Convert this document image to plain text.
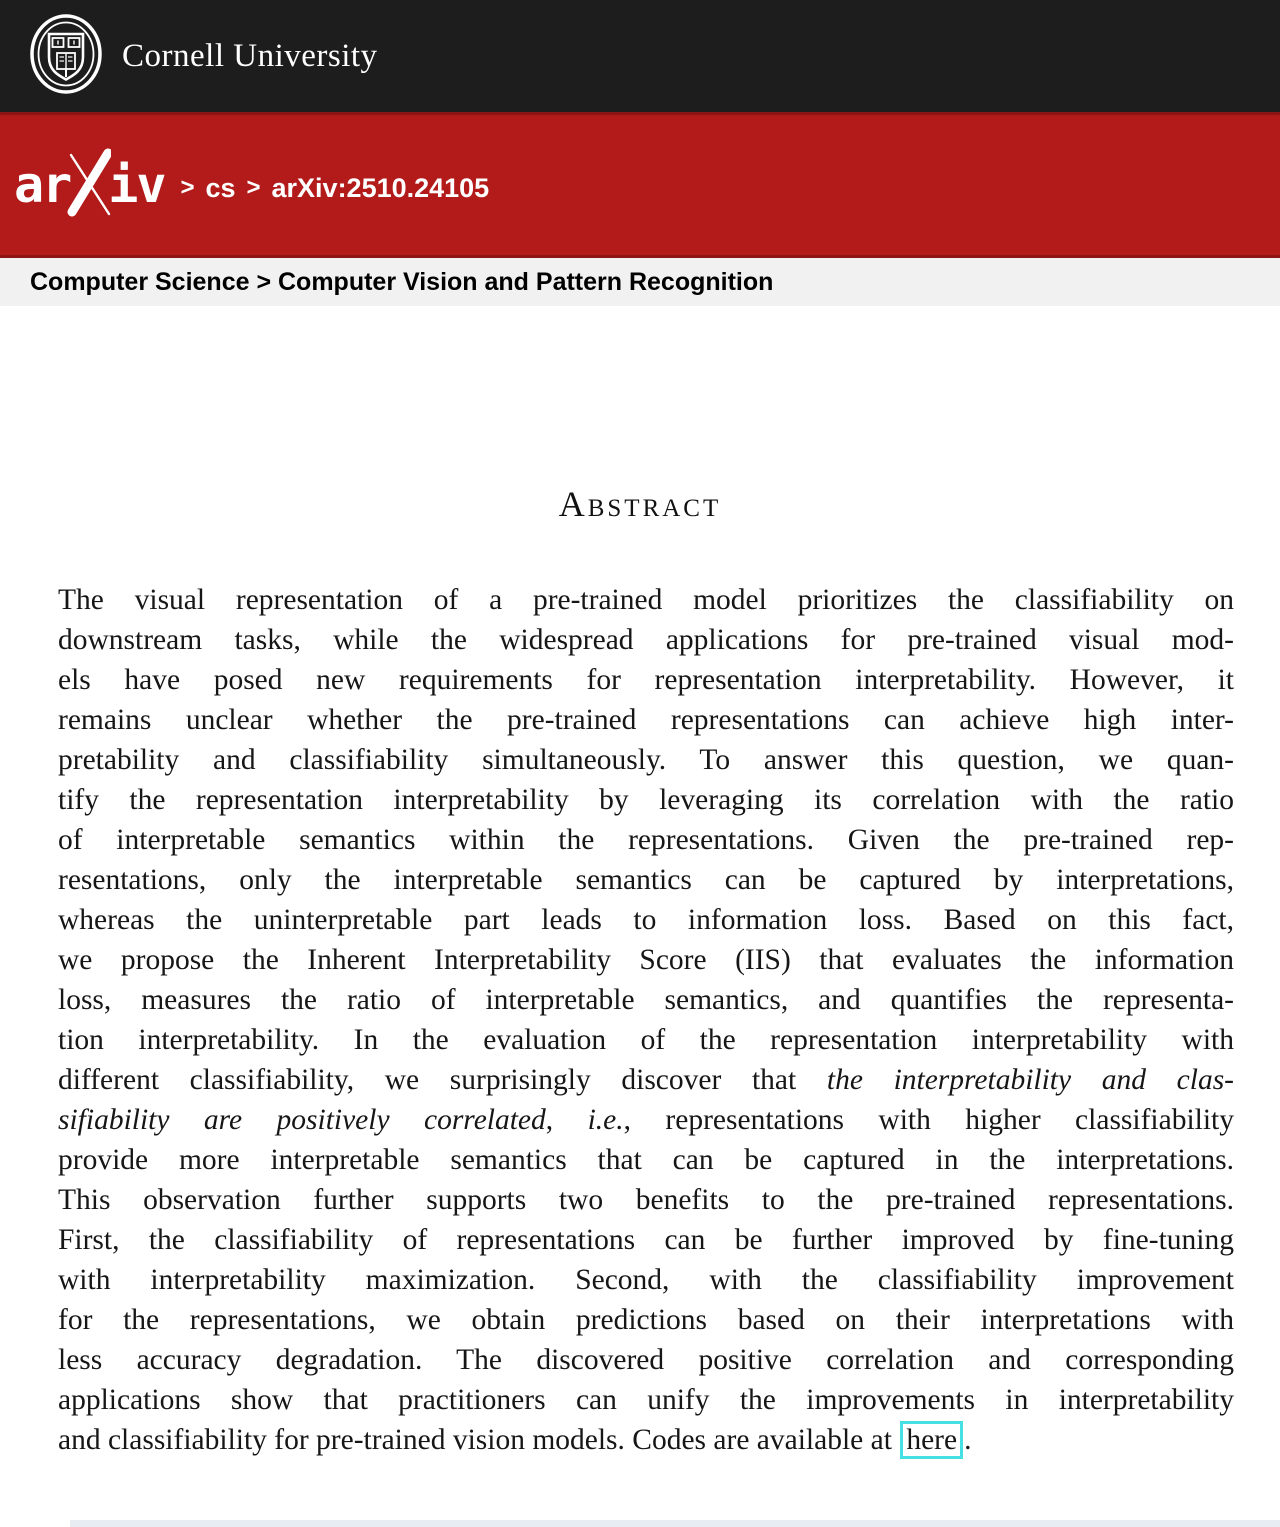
Cornell University
ar iv > cs > arXiv:2510.24105
Computer Science > Computer Vision and Pattern Recognition
Abstract
The visual representation of a pre-trained model prioritizes the classifiability on
downstream tasks, while the widespread applications for pre-trained visual mod-
els have posed new requirements for representation interpretability. However, it
remains unclear whether the pre-trained representations can achieve high inter-
pretability and classifiability simultaneously. To answer this question, we quan-
tify the representation interpretability by leveraging its correlation with the ratio
of interpretable semantics within the representations. Given the pre-trained rep-
resentations, only the interpretable semantics can be captured by interpretations,
whereas the uninterpretable part leads to information loss. Based on this fact,
we propose the Inherent Interpretability Score (IIS) that evaluates the information
loss, measures the ratio of interpretable semantics, and quantifies the representa-
tion interpretability. In the evaluation of the representation interpretability with
different classifiability, we surprisingly discover that the interpretability and clas-
sifiability are positively correlated, i.e., representations with higher classifiability
provide more interpretable semantics that can be captured in the interpretations.
This observation further supports two benefits to the pre-trained representations.
First, the classifiability of representations can be further improved by fine-tuning
with interpretability maximization. Second, with the classifiability improvement
for the representations, we obtain predictions based on their interpretations with
less accuracy degradation. The discovered positive correlation and corresponding
applications show that practitioners can unify the improvements in interpretability
and classifiability for pre-trained vision models. Codes are available at here .
